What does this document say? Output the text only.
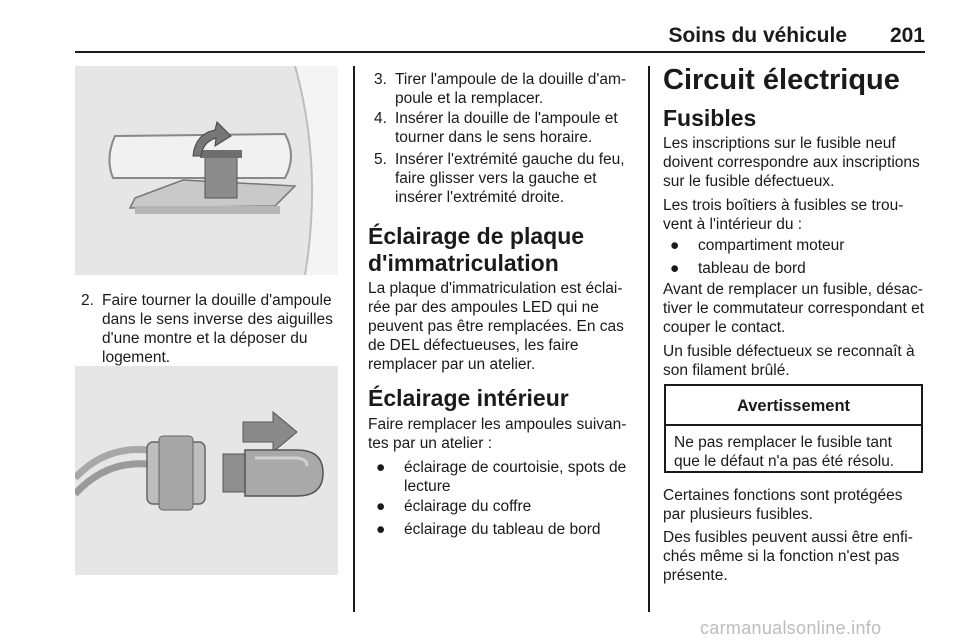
Soins du véhicule	201
2. Faire tourner la douille d'ampoule dans le sens inverse des aiguilles d'une montre et la déposer du logement.
3. Tirer l'ampoule de la douille d'ampoule et la remplacer.
4. Insérer la douille de l'ampoule et tourner dans le sens horaire.
5. Insérer l'extrémité gauche du feu, faire glisser vers la gauche et insérer l'extrémité droite.
Éclairage de plaque d'immatriculation
La plaque d'immatriculation est éclairée par des ampoules LED qui ne peuvent pas être remplacées. En cas de DEL défectueuses, les faire remplacer par un atelier.
Éclairage intérieur
Faire remplacer les ampoules suivantes par un atelier :
●	éclairage de courtoisie, spots de lecture
●	éclairage du coffre
●	éclairage du tableau de bord
Circuit électrique
Fusibles
Les inscriptions sur le fusible neuf doivent correspondre aux inscriptions sur le fusible défectueux.
Les trois boîtiers à fusibles se trouvent à l'intérieur du :
●	compartiment moteur
●	tableau de bord
Avant de remplacer un fusible, désactiver le commutateur correspondant et couper le contact.
Un fusible défectueux se reconnaît à son filament brûlé.
Avertissement
Ne pas remplacer le fusible tant que le défaut n'a pas été résolu.
Certaines fonctions sont protégées par plusieurs fusibles.
Des fusibles peuvent aussi être enfichés même si la fonction n'est pas présente.
carmanualsonline.info
